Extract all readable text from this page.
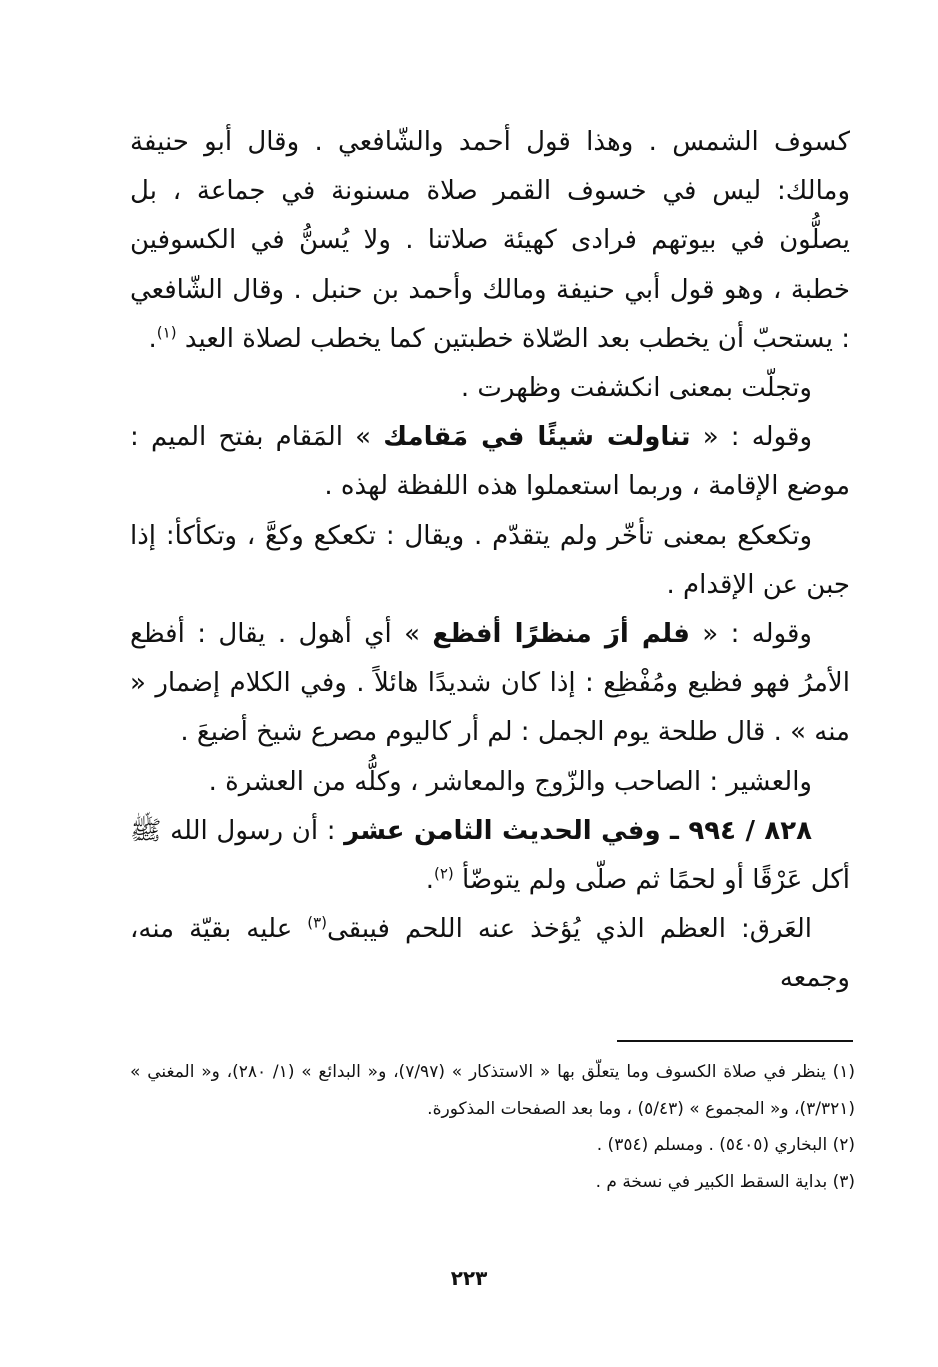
كسوف الشمس . وهذا قول أحمد والشّافعي . وقال أبو حنيفة ومالك: ليس في خسوف القمر صلاة مسنونة في جماعة ، بل يصلُّون في بيوتهم فرادى كهيئة صلاتنا . ولا يُسنُّ في الكسوفين خطبة ، وهو قول أبي حنيفة ومالك وأحمد بن حنبل . وقال الشّافعي : يستحبّ أن يخطب بعد الصّلاة خطبتين كما يخطب لصلاة العيد $^{(١)}$.

وتجلّت بمعنى انكشفت وظهرت .

وقوله : « تناولت شيئًا في مَقامك » المَقام بفتح الميم : موضع الإقامة ، وربما استعملوا هذه اللفظة لهذه .

وتكعكع بمعنى تأخّر ولم يتقدّم . ويقال : تكعكع وكعَّ ، وتكأكأ: إذا جبن عن الإقدام .

وقوله : « فلم أرَ منظرًا أفظع » أي أهول . يقال : أفظع الأمرُ فهو فظيع ومُفْظِع : إذا كان شديدًا هائلاً . وفي الكلام إضمار « منه » . قال طلحة يوم الجمل : لم أر كاليوم مصرع شيخ أضيعَ .

والعشير : الصاحب والزّوج والمعاشر ، وكلُّه من العشرة .

٨٢٨ / ٩٩٤ ـ وفي الحديث الثامن عشر : أن رسول الله ﷺ أكل عَرْقًا أو لحمًا ثم صلّى ولم يتوضّأ $^{(٢)}$.

العَرق: العظم الذي يُؤخذ عنه اللحم فيبقى$^{(٣)}$ عليه بقيّة منه، وجمعه

(١) ينظر في صلاة الكسوف وما يتعلّق بها « الاستذكار » (٧/٩٧)، و« البدائع » (١/ ٢٨٠)، و« المغني » (٣/٣٢١)، و« المجموع » (٥/٤٣) ، وما بعد الصفحات المذكورة.

(٢) البخاري (٥٤٠٥) . ومسلم (٣٥٤) .

(٣) بداية السقط الكبير في نسخة م .

٢٢٣
